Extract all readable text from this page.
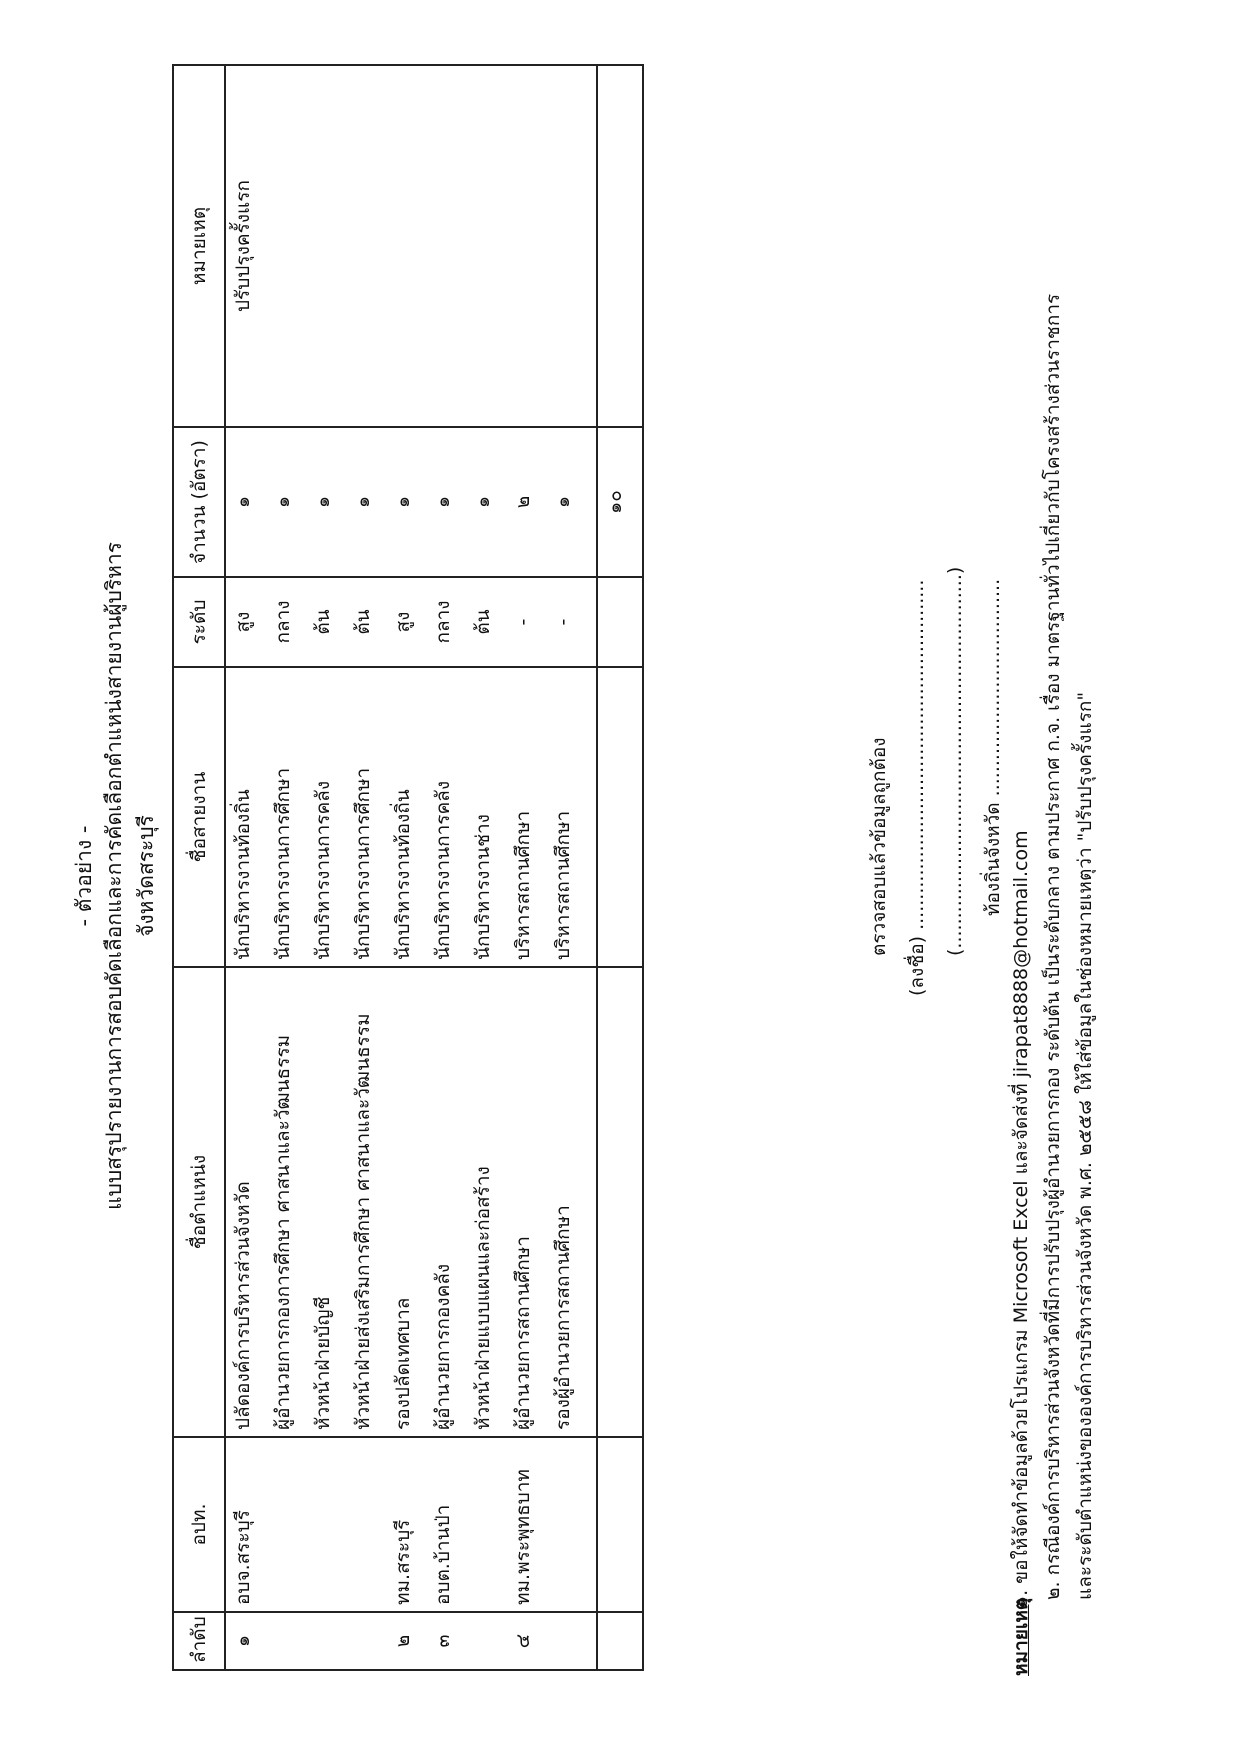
- ตัวอย่าง - แบบสรุปรายงานการสอบคัดเลือกและการคัดเลือกตำแหน่งสายงานผู้บริหาร จังหวัดสระบุรี
ลำดับ	อปท.	ชื่อตำแหน่ง	ชื่อสายงาน	ระดับ	จำนวน (อัตรา)	หมายเหตุ
๑	อบจ.สระบุรี	ปลัดองค์การบริหารส่วนจังหวัด	นักบริหารงานท้องถิ่น	สูง	๑	ปรับปรุงครั้งแรก
		ผู้อำนวยการกองการศึกษา ศาสนาและวัฒนธรรม	นักบริหารงานการศึกษา	กลาง	๑	
		หัวหน้าฝ่ายบัญชี	นักบริหารงานการคลัง	ต้น	๑	
		หัวหน้าฝ่ายส่งเสริมการศึกษา ศาสนาและวัฒนธรรม	นักบริหารงานการศึกษา	ต้น	๑	
๒	ทม.สระบุรี	รองปลัดเทศบาล	นักบริหารงานท้องถิ่น	สูง	๑	
๓	อบต.บ้านป่า	ผู้อำนวยการกองคลัง	นักบริหารงานการคลัง	กลาง	๑	
		หัวหน้าฝ่ายแบบแผนและก่อสร้าง	นักบริหารงานช่าง	ต้น	๑	
๔	ทม.พระพุทธบาท	ผู้อำนวยการสถานศึกษา	บริหารสถานศึกษา	-	๒	
		รองผู้อำนวยการสถานศึกษา	บริหารสถานศึกษา	-	๑	

					๑๐	
หมายเหตุ ๑. ขอให้จัดทำข้อมูลด้วยโปรแกรม Microsoft Excel และจัดส่งที่ jirapat8888@hotmail.com ๒. กรณีองค์การบริหารส่วนจังหวัดที่มีการปรับปรุงผู้อำนวยการกอง ระดับต้น เป็นระดับกลาง ตามประกาศ ก.จ. เรื่อง มาตรฐานทั่วไปเกี่ยวกับโครงสร้างส่วนราชการ และระดับตำแหน่งขององค์การบริหารส่วนจังหวัด พ.ศ. ๒๕๕๘ ให้ใส่ข้อมูลในช่องหมายเหตุว่า "ปรับปรุงครั้งแรก"
ตรวจสอบแล้วข้อมูลถูกต้อง (ลงชื่อ) .......................................................... (..............................................................) ท้องถิ่นจังหวัด ....................................
